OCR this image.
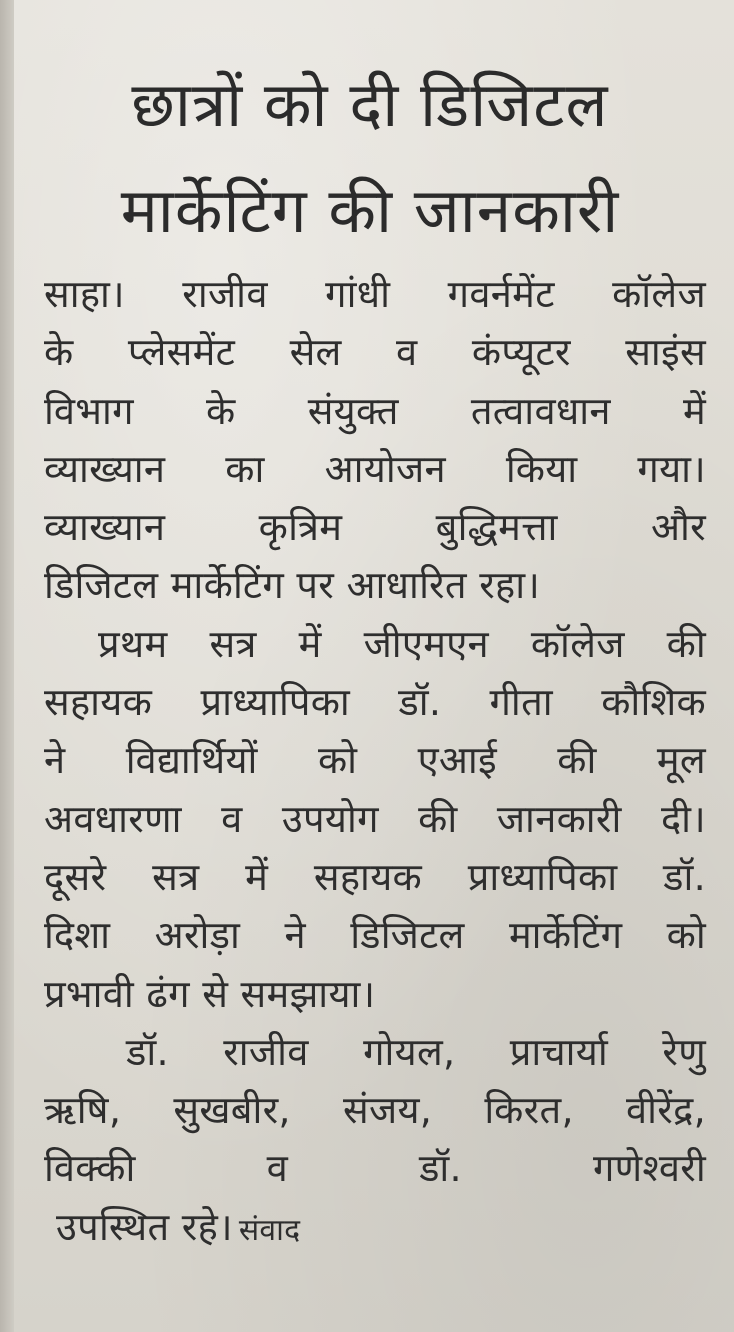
छात्रों को दी डिजिटल
मार्केटिंग की जानकारी
साहा। राजीव गांधी गवर्नमेंट कॉलेज
के प्लेसमेंट सेल व कंप्यूटर साइंस
विभाग के संयुक्त तत्वावधान में
व्याख्यान का आयोजन किया गया।
व्याख्यान कृत्रिम बुद्धिमत्ता और
डिजिटल मार्केटिंग पर आधारित रहा।
प्रथम सत्र में जीएमएन कॉलेज की
सहायक प्राध्यापिका डॉ. गीता कौशिक
ने विद्यार्थियों को एआई की मूल
अवधारणा व उपयोग की जानकारी दी।
दूसरे सत्र में सहायक प्राध्यापिका डॉ.
दिशा अरोड़ा ने डिजिटल मार्केटिंग को
प्रभावी ढंग से समझाया।
डॉ. राजीव गोयल, प्राचार्या रेणु
ऋषि, सुखबीर, संजय, किरत, वीरेंद्र,
विक्की व डॉ. गणेश्वरी
उपस्थित रहे। संवाद
